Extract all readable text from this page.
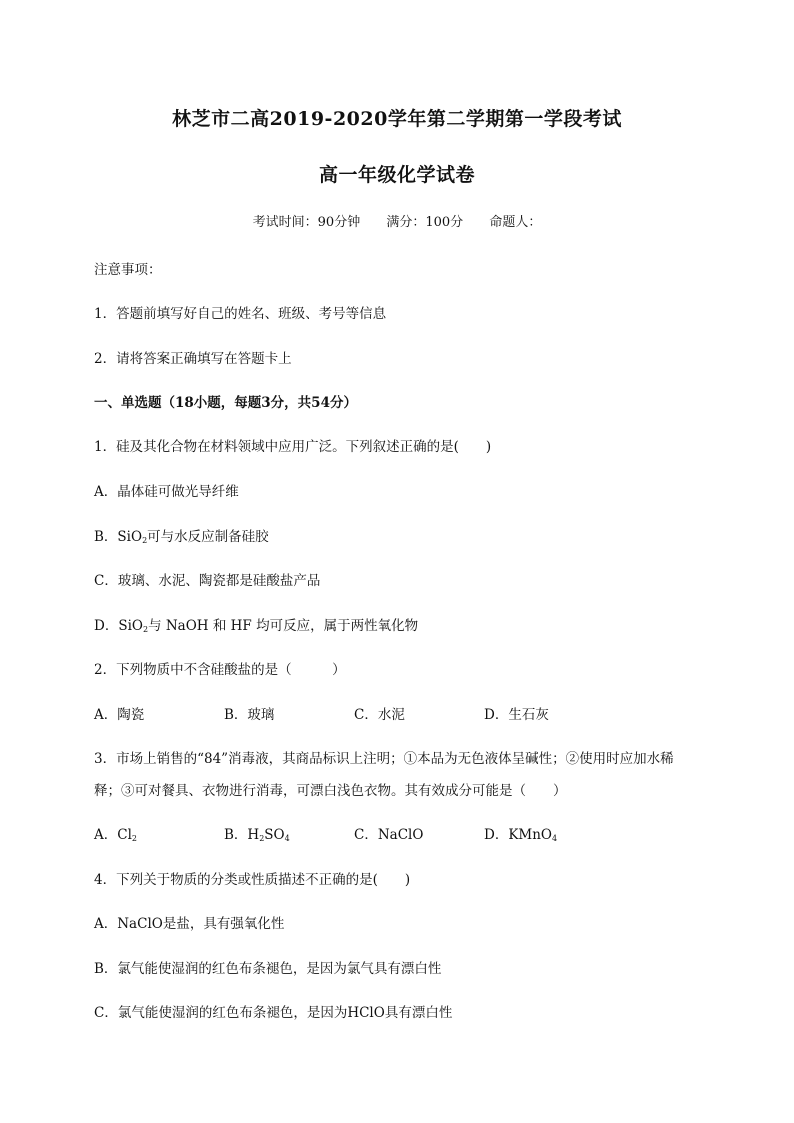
林芝市二高2019-2020学年第二学期第一学段考试
高一年级化学试卷
考试时间：90分钟 满分：100分 命题人：
注意事项：
1．答题前填写好自己的姓名、班级、考号等信息
2．请将答案正确填写在答题卡上
一、单选题（18小题，每题3分，共54分）
1．硅及其化合物在材料领域中应用广泛。下列叙述正确的是(　　)
A．晶体硅可做光导纤维
B．SiO$_2$可与水反应制备硅胶
C．玻璃、水泥、陶瓷都是硅酸盐产品
D．SiO$_2$与 NaOH 和 HF 均可反应，属于两性氧化物
2．下列物质中不含硅酸盐的是（　　　）
A．陶瓷	B．玻璃	C．水泥	D．生石灰
3．市场上销售的“84”消毒液，其商品标识上注明；①本品为无色液体呈碱性；②使用时应加水稀
释；③可对餐具、衣物进行消毒，可漂白浅色衣物。其有效成分可能是（　　）
A．$Cl_2$	B．$H_2SO_4$	C．NaClO	D．KMnO$_4$
4．下列关于物质的分类或性质描述不正确的是(　　)
A．NaClO是盐，具有强氧化性
B．氯气能使湿润的红色布条褪色，是因为氯气具有漂白性
C．氯气能使湿润的红色布条褪色，是因为HClO具有漂白性
